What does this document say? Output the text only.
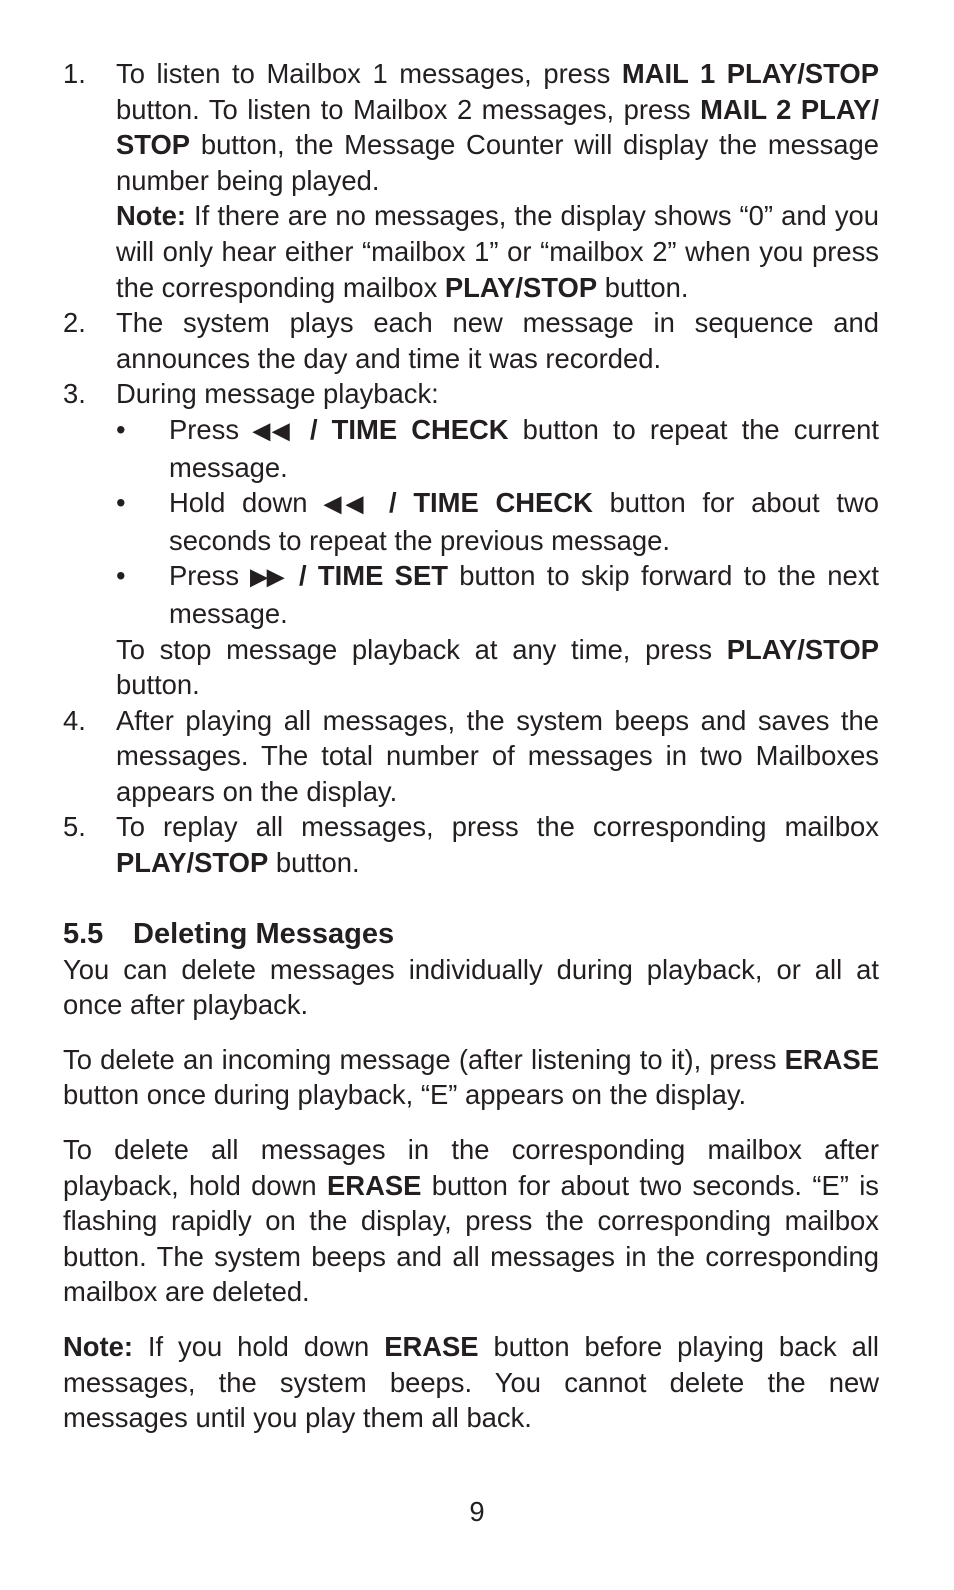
1. To listen to Mailbox 1 messages, press MAIL 1 PLAY/STOP button. To listen to Mailbox 2 messages, press MAIL 2 PLAY/ STOP button, the Message Counter will display the message number being played.
Note: If there are no messages, the display shows “0” and you will only hear either “mailbox 1” or “mailbox 2” when you press the corresponding mailbox PLAY/STOP button.
2. The system plays each new message in sequence and announces the day and time it was recorded.
3. During message playback:
• Press ◀◀ / TIME CHECK button to repeat the current message.
• Hold down ◀◀ / TIME CHECK button for about two seconds to repeat the previous message.
• Press ▶▶ / TIME SET button to skip forward to the next message.
To stop message playback at any time, press PLAY/STOP button.
4. After playing all messages, the system beeps and saves the messages. The total number of messages in two Mailboxes appears on the display.
5. To replay all messages, press the corresponding mailbox PLAY/STOP button.
5.5 Deleting Messages

You can delete messages individually during playback, or all at once after playback.

To delete an incoming message (after listening to it), press ERASE button once during playback, “E” appears on the display.

To delete all messages in the corresponding mailbox after playback, hold down ERASE button for about two seconds. “E” is flashing rapidly on the display, press the corresponding mailbox button. The system beeps and all messages in the corresponding mailbox are deleted.

Note: If you hold down ERASE button before playing back all messages, the system beeps. You cannot delete the new messages until you play them all back.

9
